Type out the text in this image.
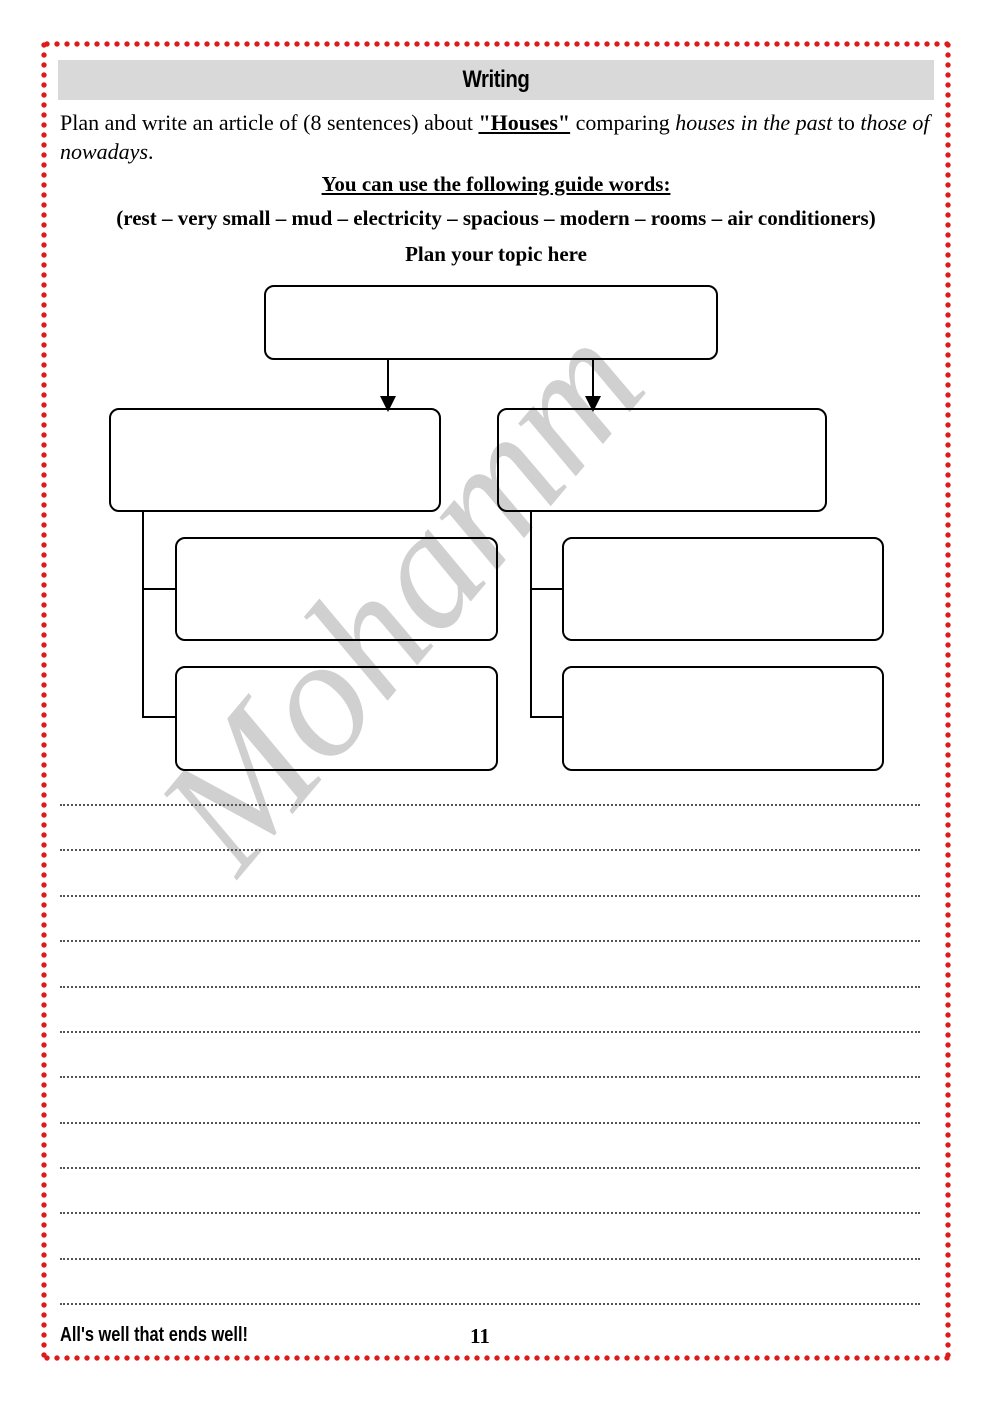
Writing
Plan and write an article of (8 sentences) about "Houses" comparing houses in the past to those of nowadays.
You can use the following guide words:
(rest – very small – mud – electricity – spacious – modern – rooms – air conditioners)
Plan your topic here
Mohamm
All's well that ends well!	11
